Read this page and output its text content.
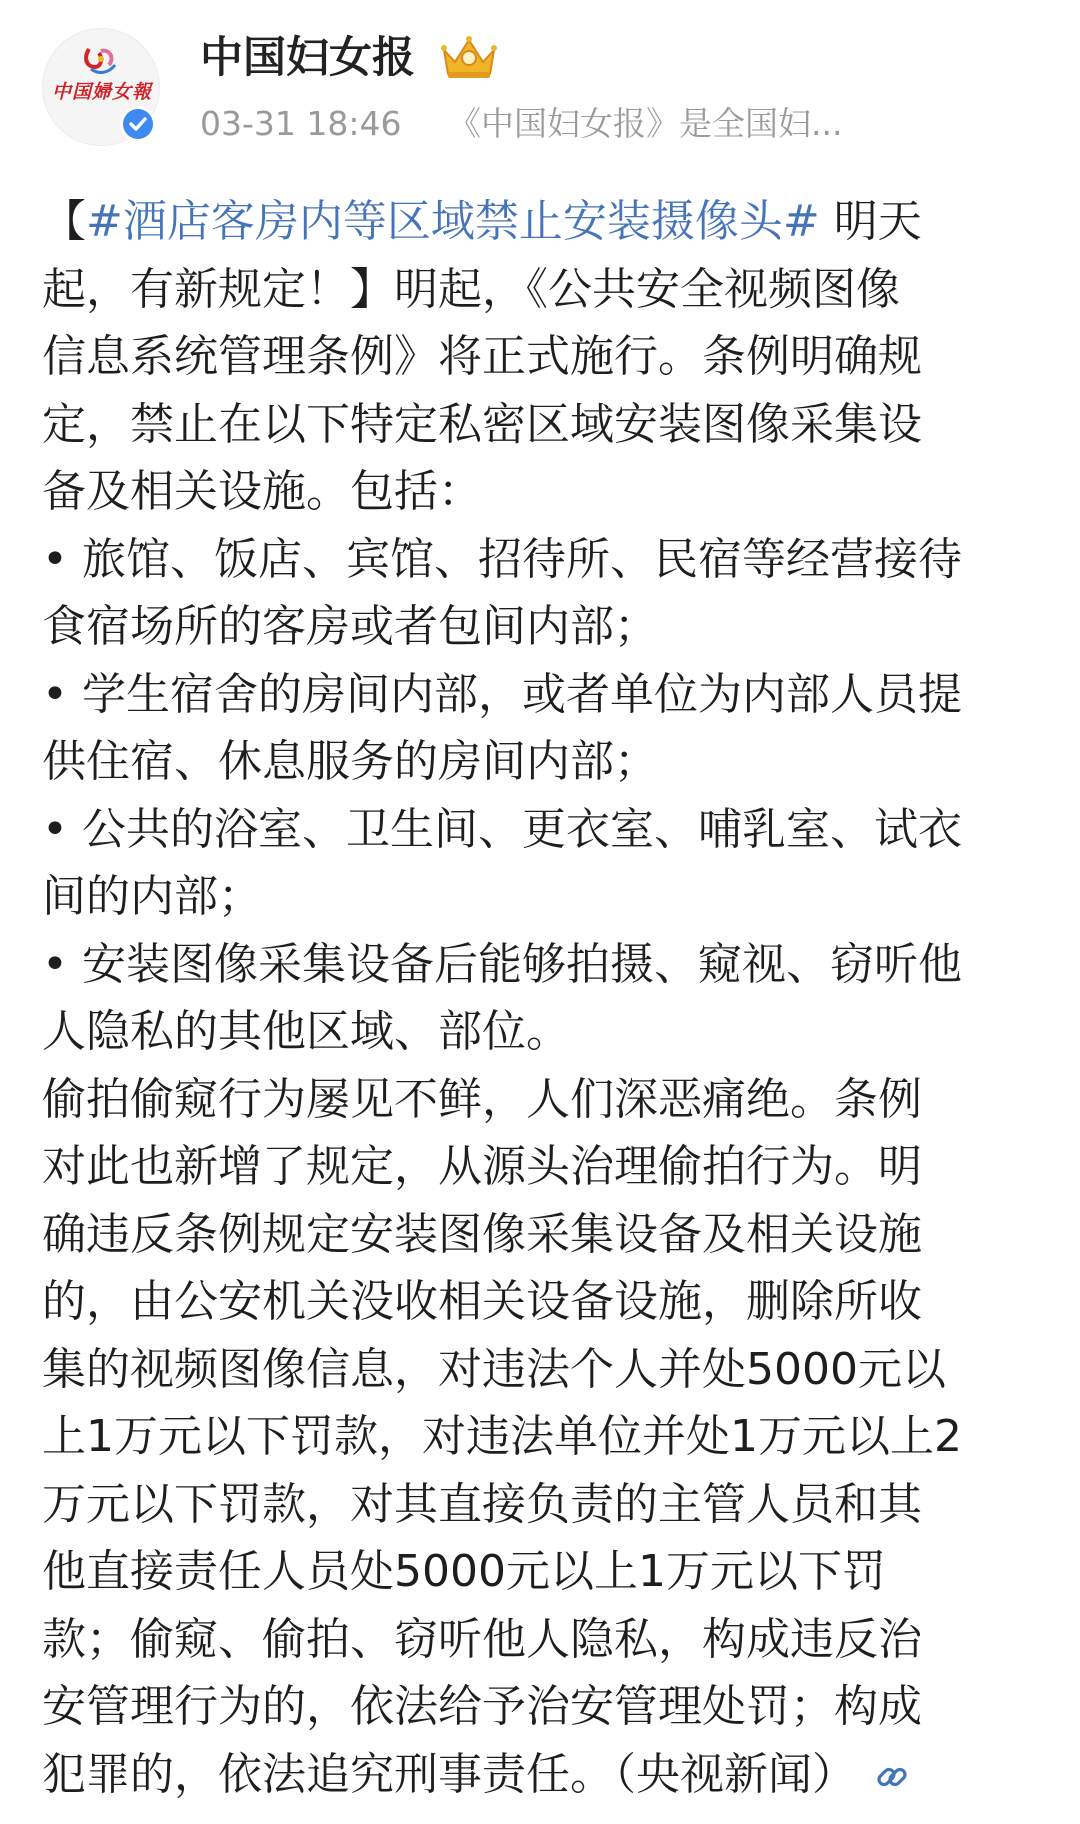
中国婦女報
中国妇女报
03-31 18:46 《中国妇女报》是全国妇...
【#酒店客房内等区域禁止安装摄像头# 明天
起，有新规定！】明起，《公共安全视频图像
信息系统管理条例》将正式施行。条例明确规
定，禁止在以下特定私密区域安装图像采集设
备及相关设施。包括：
• 旅馆、饭店、宾馆、招待所、民宿等经营接待
食宿场所的客房或者包间内部；
• 学生宿舍的房间内部，或者单位为内部人员提
供住宿、休息服务的房间内部；
• 公共的浴室、卫生间、更衣室、哺乳室、试衣
间的内部；
• 安装图像采集设备后能够拍摄、窥视、窃听他
人隐私的其他区域、部位。
偷拍偷窥行为屡见不鲜，人们深恶痛绝。条例
对此也新增了规定，从源头治理偷拍行为。明
确违反条例规定安装图像采集设备及相关设施
的，由公安机关没收相关设备设施，删除所收
集的视频图像信息，对违法个人并处5000元以
上1万元以下罚款，对违法单位并处1万元以上2
万元以下罚款，对其直接负责的主管人员和其
他直接责任人员处5000元以上1万元以下罚
款；偷窥、偷拍、窃听他人隐私，构成违反治
安管理行为的，依法给予治安管理处罚；构成
犯罪的，依法追究刑事责任。（央视新闻）
